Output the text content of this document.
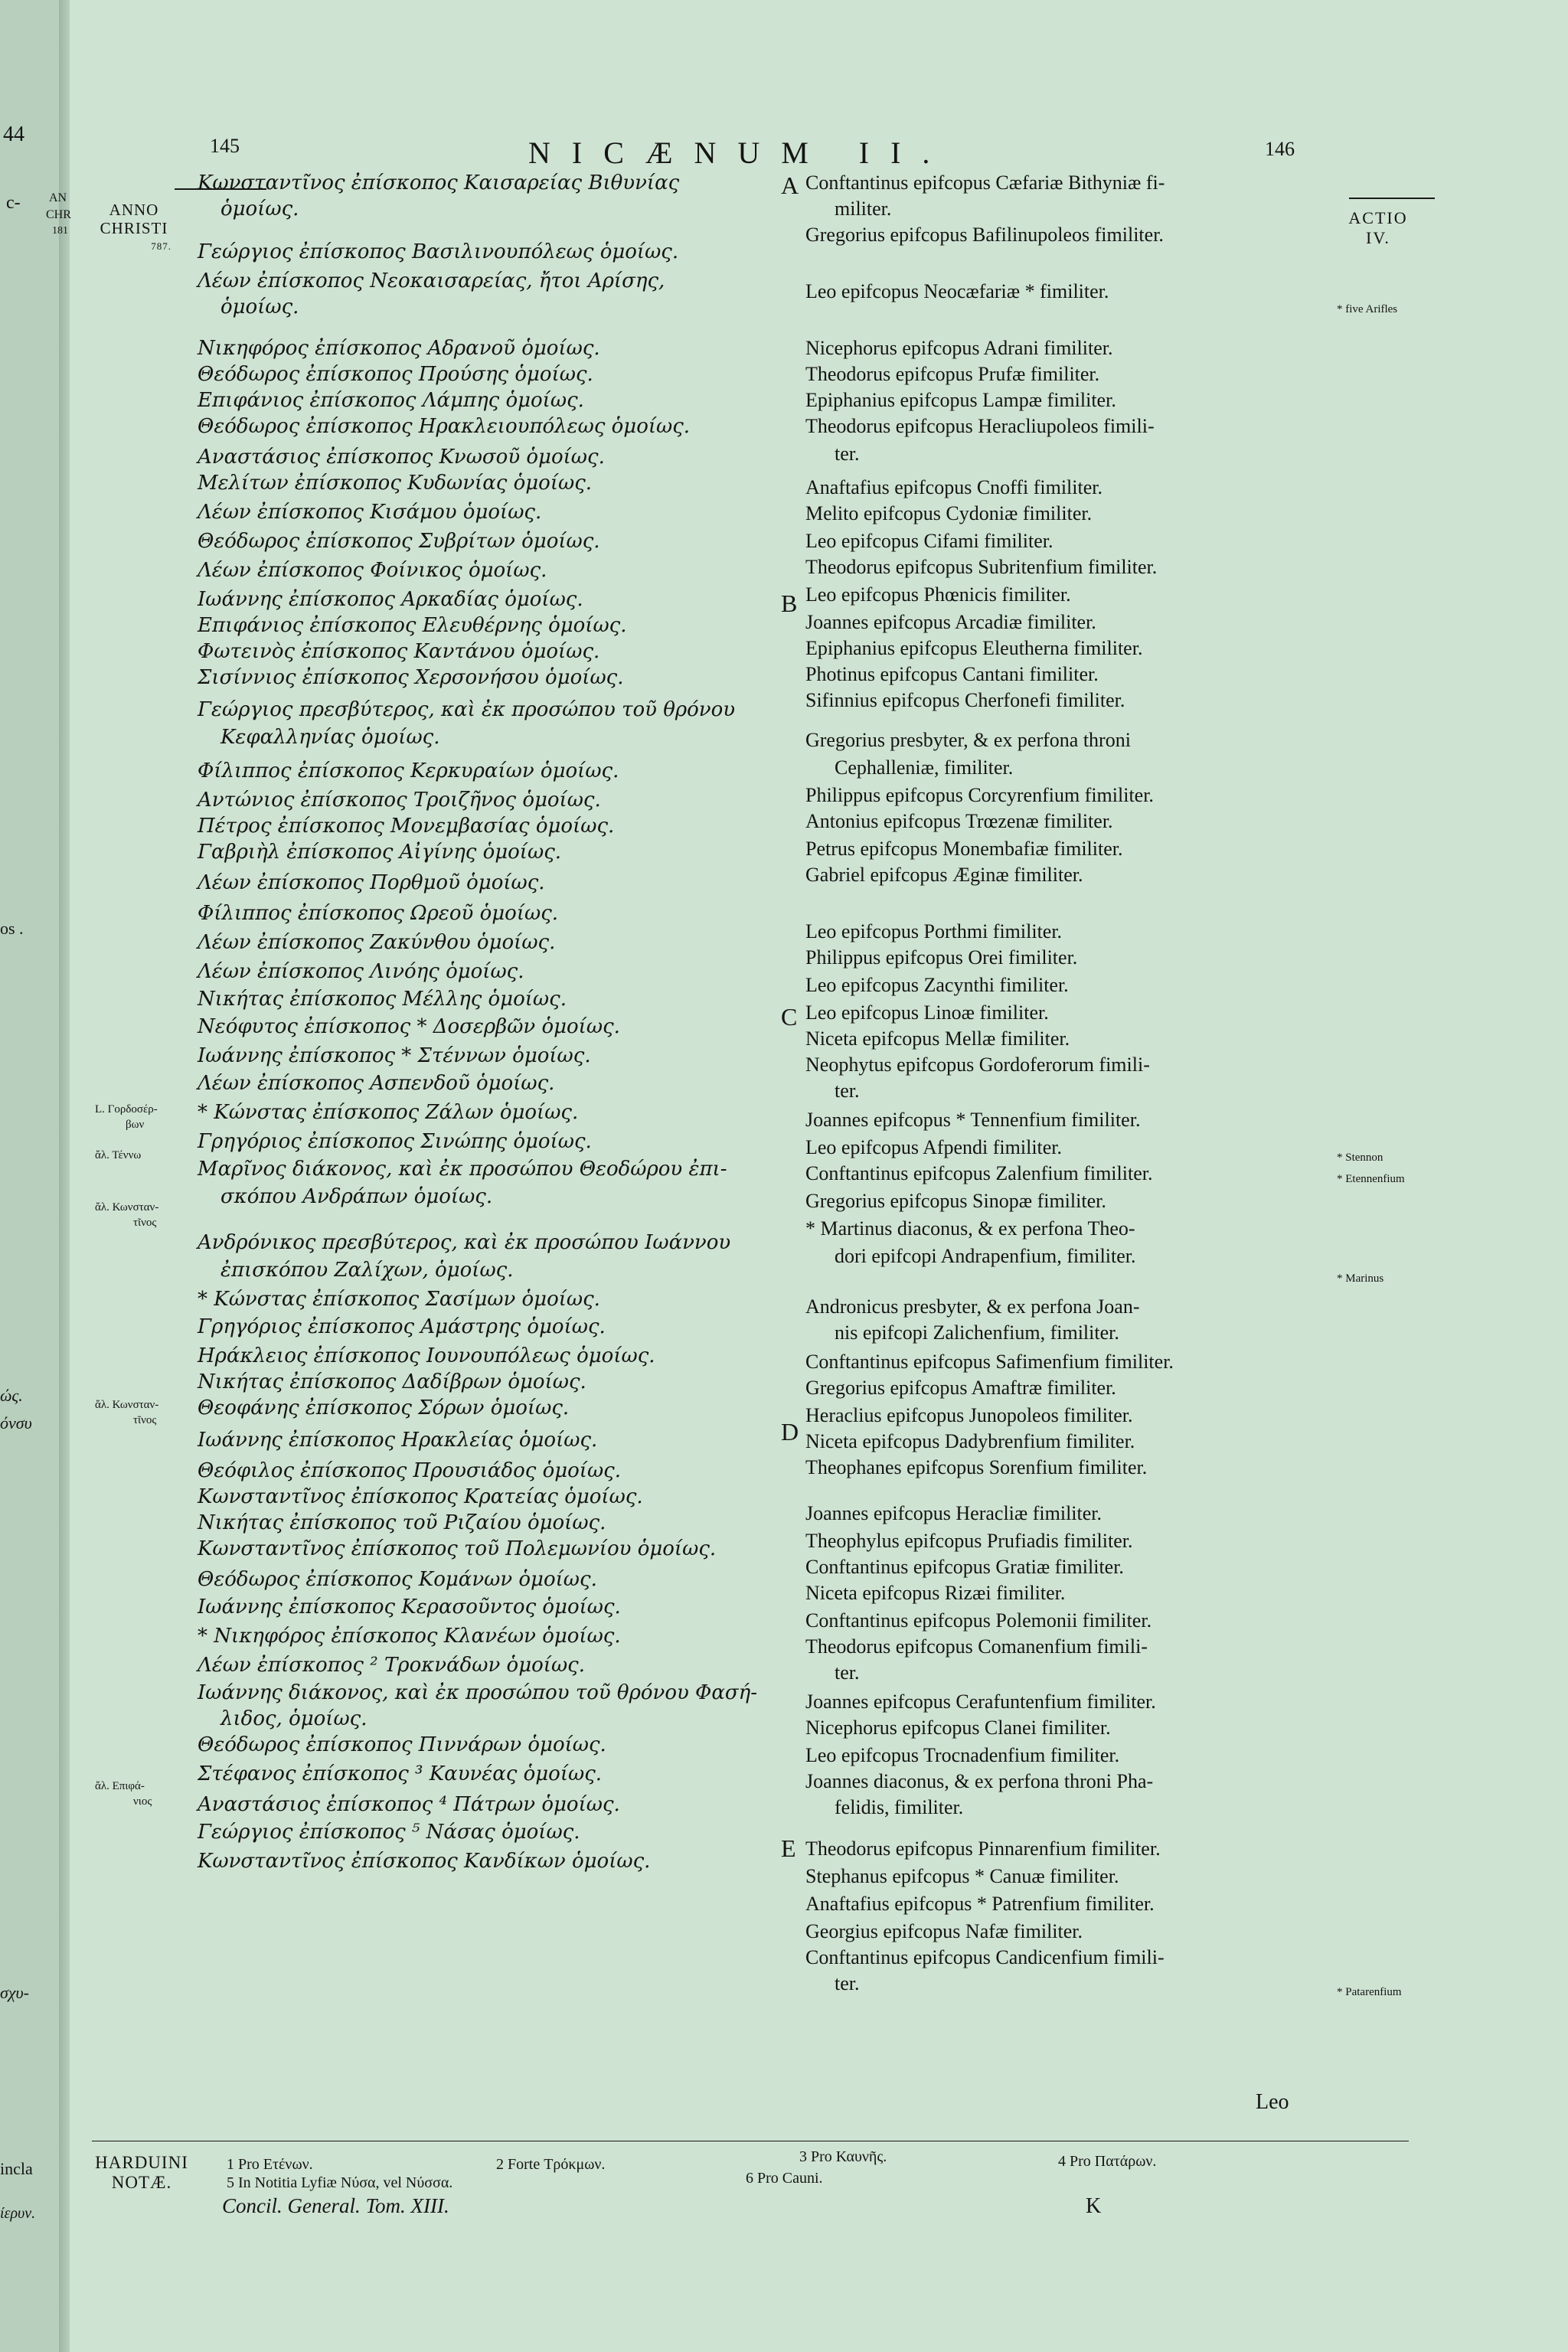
44
c- AN
CHR
181
os .
ώς.
όνσυ
σχυ-
incla
ίερυν.
145	NICÆNUM II.	146
ANNO
CHRISTI
787.
L. Γορδοσέρ-
βων
ἄλ. Τέννω
ἄλ. Κωνσταν-
τῖνος
ἄλ. Κωνσταν-
τῖνος
ἄλ. Επιφά-
νιος
ACTIO
IV.
* five Arifles
* Stennon
* Etennenfium
* Marinus
* Patarenfium
A
B
C
D
E
Κωνσταντῖνος ἐπίσκοπος Καισαρείας Βιθυνίας
ὁμοίως.
Γεώργιος ἐπίσκοπος Βασιλινουπόλεως ὁμοίως.
Λέων ἐπίσκοπος Νεοκαισαρείας, ἤτοι Αρίσης,
ὁμοίως.
Νικηφόρος ἐπίσκοπος Αδρανοῦ ὁμοίως.
Θεόδωρος ἐπίσκοπος Προύσης ὁμοίως.
Επιφάνιος ἐπίσκοπος Λάμπης ὁμοίως.
Θεόδωρος ἐπίσκοπος Ηρακλειουπόλεως ὁμοίως.
Αναστάσιος ἐπίσκοπος Κνωσοῦ ὁμοίως.
Μελίτων ἐπίσκοπος Κυδωνίας ὁμοίως.
Λέων ἐπίσκοπος Κισάμου ὁμοίως.
Θεόδωρος ἐπίσκοπος Συβρίτων ὁμοίως.
Λέων ἐπίσκοπος Φοίνικος ὁμοίως.
Ιωάννης ἐπίσκοπος Αρκαδίας ὁμοίως.
Επιφάνιος ἐπίσκοπος Ελευθέρνης ὁμοίως.
Φωτεινὸς ἐπίσκοπος Καντάνου ὁμοίως.
Σισίννιος ἐπίσκοπος Χερσονήσου ὁμοίως.
Γεώργιος πρεσβύτερος, καὶ ἐκ προσώπου τοῦ θρόνου
Κεφαλληνίας ὁμοίως.
Φίλιππος ἐπίσκοπος Κερκυραίων ὁμοίως.
Αντώνιος ἐπίσκοπος Τροιζῆνος ὁμοίως.
Πέτρος ἐπίσκοπος Μονεμβασίας ὁμοίως.
Γαβριὴλ ἐπίσκοπος Αἰγίνης ὁμοίως.
Λέων ἐπίσκοπος Πορθμοῦ ὁμοίως.
Φίλιππος ἐπίσκοπος Ωρεοῦ ὁμοίως.
Λέων ἐπίσκοπος Ζακύνθου ὁμοίως.
Λέων ἐπίσκοπος Λινόης ὁμοίως.
Νικήτας ἐπίσκοπος Μέλλης ὁμοίως.
Νεόφυτος ἐπίσκοπος * Δοσερβῶν ὁμοίως.
Ιωάννης ἐπίσκοπος * Στέννων ὁμοίως.
Λέων ἐπίσκοπος Ασπενδοῦ ὁμοίως.
* Κώνστας ἐπίσκοπος Ζάλων ὁμοίως.
Γρηγόριος ἐπίσκοπος Σινώπης ὁμοίως.
Μαρῖνος διάκονος, καὶ ἐκ προσώπου Θεοδώρου ἐπι-
σκόπου Ανδράπων ὁμοίως.
Ανδρόνικος πρεσβύτερος, καὶ ἐκ προσώπου Ιωάννου
ἐπισκόπου Ζαλίχων, ὁμοίως.
* Κώνστας ἐπίσκοπος Σασίμων ὁμοίως.
Γρηγόριος ἐπίσκοπος Αμάστρης ὁμοίως.
Ηράκλειος ἐπίσκοπος Ιουνουπόλεως ὁμοίως.
Νικήτας ἐπίσκοπος Δαδίβρων ὁμοίως.
Θεοφάνης ἐπίσκοπος Σόρων ὁμοίως.
Ιωάννης ἐπίσκοπος Ηρακλείας ὁμοίως.
Θεόφιλος ἐπίσκοπος Προυσιάδος ὁμοίως.
Κωνσταντῖνος ἐπίσκοπος Κρατείας ὁμοίως.
Νικήτας ἐπίσκοπος τοῦ Ριζαίου ὁμοίως.
Κωνσταντῖνος ἐπίσκοπος τοῦ Πολεμωνίου ὁμοίως.
Θεόδωρος ἐπίσκοπος Κομάνων ὁμοίως.
Ιωάννης ἐπίσκοπος Κερασοῦντος ὁμοίως.
* Νικηφόρος ἐπίσκοπος Κλανέων ὁμοίως.
Λέων ἐπίσκοπος ² Τροκνάδων ὁμοίως.
Ιωάννης διάκονος, καὶ ἐκ προσώπου τοῦ θρόνου Φασή-
λιδος, ὁμοίως.
Θεόδωρος ἐπίσκοπος Πιννάρων ὁμοίως.
Στέφανος ἐπίσκοπος ³ Καυνέας ὁμοίως.
Αναστάσιος ἐπίσκοπος ⁴ Πάτρων ὁμοίως.
Γεώργιος ἐπίσκοπος ⁵ Νάσας ὁμοίως.
Κωνσταντῖνος ἐπίσκοπος Κανδίκων ὁμοίως.
Conftantinus epifcopus Cæfariæ Bithyniæ fi-
militer.
Gregorius epifcopus Bafilinupoleos fimiliter.
Leo epifcopus Neocæfariæ * fimiliter.
Nicephorus epifcopus Adrani fimiliter.
Theodorus epifcopus Prufæ fimiliter.
Epiphanius epifcopus Lampæ fimiliter.
Theodorus epifcopus Heracliupoleos fimili-
ter.
Anaftafius epifcopus Cnoffi fimiliter.
Melito epifcopus Cydoniæ fimiliter.
Leo epifcopus Cifami fimiliter.
Theodorus epifcopus Subritenfium fimiliter.
Leo epifcopus Phœnicis fimiliter.
Joannes epifcopus Arcadiæ fimiliter.
Epiphanius epifcopus Eleutherna fimiliter.
Photinus epifcopus Cantani fimiliter.
Sifinnius epifcopus Cherfonefi fimiliter.
Gregorius presbyter, & ex perfona throni
Cephalleniæ, fimiliter.
Philippus epifcopus Corcyrenfium fimiliter.
Antonius epifcopus Trœzenæ fimiliter.
Petrus epifcopus Monembafiæ fimiliter.
Gabriel epifcopus Æginæ fimiliter.
Leo epifcopus Porthmi fimiliter.
Philippus epifcopus Orei fimiliter.
Leo epifcopus Zacynthi fimiliter.
Leo epifcopus Linoæ fimiliter.
Niceta epifcopus Mellæ fimiliter.
Neophytus epifcopus Gordoferorum fimili-
ter.
Joannes epifcopus * Tennenfium fimiliter.
Leo epifcopus Afpendi fimiliter.
Conftantinus epifcopus Zalenfium fimiliter.
Gregorius epifcopus Sinopæ fimiliter.
* Martinus diaconus, & ex perfona Theo-
dori epifcopi Andrapenfium, fimiliter.
Andronicus presbyter, & ex perfona Joan-
nis epifcopi Zalichenfium, fimiliter.
Conftantinus epifcopus Safimenfium fimiliter.
Gregorius epifcopus Amaftræ fimiliter.
Heraclius epifcopus Junopoleos fimiliter.
Niceta epifcopus Dadybrenfium fimiliter.
Theophanes epifcopus Sorenfium fimiliter.
Joannes epifcopus Heracliæ fimiliter.
Theophylus epifcopus Prufiadis fimiliter.
Conftantinus epifcopus Gratiæ fimiliter.
Niceta epifcopus Rizæi fimiliter.
Conftantinus epifcopus Polemonii fimiliter.
Theodorus epifcopus Comanenfium fimili-
ter.
Joannes epifcopus Cerafuntenfium fimiliter.
Nicephorus epifcopus Clanei fimiliter.
Leo epifcopus Trocnadenfium fimiliter.
Joannes diaconus, & ex perfona throni Pha-
felidis, fimiliter.
Theodorus epifcopus Pinnarenfium fimiliter.
Stephanus epifcopus * Canuæ fimiliter.
Anaftafius epifcopus * Patrenfium fimiliter.
Georgius epifcopus Nafæ fimiliter.
Conftantinus epifcopus Candicenfium fimili-
ter.
Leo
HARDUINI
NOTÆ.
1 Pro Ετένων.	2 Forte Τρόκμων.	3 Pro Καυνῆς.	4 Pro Πατάρων.
5 In Notitia Lyfiæ Νύσα, vel Νύσσα.	6 Pro Cauni.
Concil. General. Tom. XIII.	K
